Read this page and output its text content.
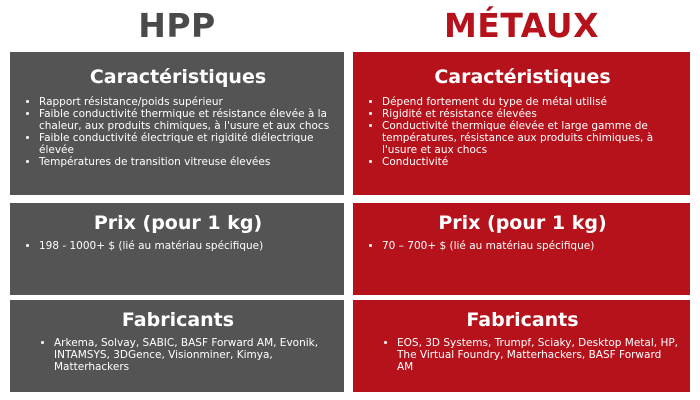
HPP	MÉTAUX
Caractéristiques
• Rapport résistance/poids supérieur
• Faible conductivité thermique et résistance élevée à la chaleur, aux produits chimiques, à l'usure et aux chocs
• Faible conductivité électrique et rigidité diélectrique élevée
• Températures de transition vitreuse élevées
Prix (pour 1 kg)
• 198 - 1000+ $ (lié au matériau spécifique)
Fabricants
• Arkema, Solvay, SABIC, BASF Forward AM, Evonik, INTAMSYS, 3DGence, Visionminer, Kimya, Matterhackers
Caractéristiques
• Dépend fortement du type de métal utilisé
• Rigidité et résistance élevées
• Conductivité thermique élevée et large gamme de températures, résistance aux produits chimiques, à l'usure et aux chocs
• Conductivité
Prix (pour 1 kg)
• 70 – 700+ $ (lié au matériau spécifique)
Fabricants
• EOS, 3D Systems, Trumpf, Sciaky, Desktop Metal, HP, The Virtual Foundry, Matterhackers, BASF Forward AM
